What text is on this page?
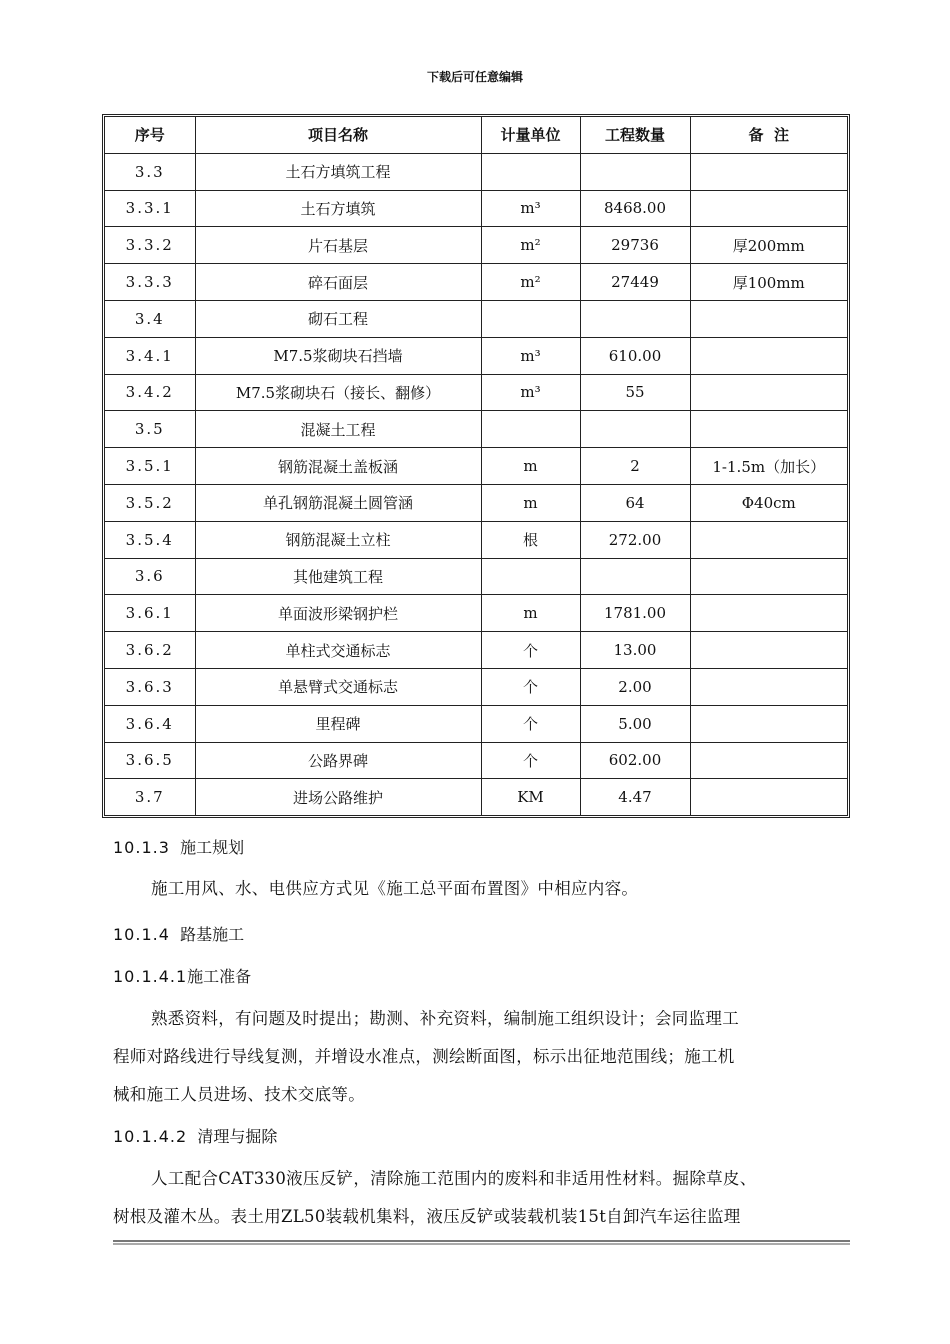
下载后可任意编辑
序号	项目名称	计量单位	工程数量	备  注
3.3	土石方填筑工程			
3.3.1	土石方填筑	m³	8468.00	
3.3.2	片石基层	m²	29736	厚200mm
3.3.3	碎石面层	m²	27449	厚100mm
3.4	砌石工程			
3.4.1	M7.5浆砌块石挡墙	m³	610.00	
3.4.2	M7.5浆砌块石（接长、翻修）	m³	55	
3.5	混凝土工程			
3.5.1	钢筋混凝土盖板涵	m	2	1-1.5m（加长）
3.5.2	单孔钢筋混凝土圆管涵	m	64	Φ40cm
3.5.4	钢筋混凝土立柱	根	272.00	
3.6	其他建筑工程			
3.6.1	单面波形梁钢护栏	m	1781.00	
3.6.2	单柱式交通标志	个	13.00	
3.6.3	单悬臂式交通标志	个	2.00	
3.6.4	里程碑	个	5.00	
3.6.5	公路界碑	个	602.00	
3.7	进场公路维护	KM	4.47	
10.1.3 施工规划
施工用风、水、电供应方式见《施工总平面布置图》中相应内容。
10.1.4 路基施工
10.1.4.1施工准备
熟悉资料，有问题及时提出；勘测、补充资料，编制施工组织设计；会同监理工
程师对路线进行导线复测，并增设水准点，测绘断面图，标示出征地范围线；施工机
械和施工人员进场、技术交底等。
10.1.4.2 清理与掘除
人工配合CAT330液压反铲，清除施工范围内的废料和非适用性材料。掘除草皮、
树根及灌木丛。表土用ZL50装载机集料，液压反铲或装载机装15t自卸汽车运往监理
